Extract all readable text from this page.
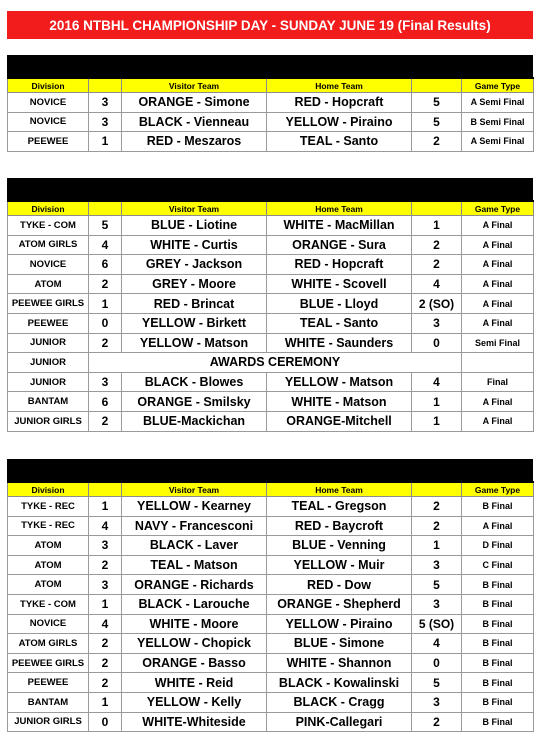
2016 NTBHL CHAMPIONSHIP DAY - SUNDAY JUNE 19 (Final Results)
Division		Visitor Team	Home Team		Game Type
NOVICE	3	ORANGE - Simone	RED - Hopcraft	5	A Semi Final
NOVICE	3	BLACK - Vienneau	YELLOW - Piraino	5	B Semi Final
PEEWEE	1	RED - Meszaros	TEAL - Santo	2	A Semi Final
Division		Visitor Team	Home Team		Game Type
TYKE - COM	5	BLUE - Liotine	WHITE - MacMillan	1	A Final
ATOM GIRLS	4	WHITE - Curtis	ORANGE - Sura	2	A Final
NOVICE	6	GREY - Jackson	RED - Hopcraft	2	A Final
ATOM	2	GREY - Moore	WHITE - Scovell	4	A Final
PEEWEE GIRLS	1	RED - Brincat	BLUE - Lloyd	2 (SO)	A Final
PEEWEE	0	YELLOW - Birkett	TEAL - Santo	3	A Final
JUNIOR	2	YELLOW - Matson	WHITE - Saunders	0	Semi Final
JUNIOR	AWARDS CEREMONY				
JUNIOR	3	BLACK - Blowes	YELLOW - Matson	4	Final
BANTAM	6	ORANGE - Smilsky	WHITE - Matson	1	A Final
JUNIOR GIRLS	2	BLUE-Mackichan	ORANGE-Mitchell	1	A Final
Division		Visitor Team	Home Team		Game Type
TYKE - REC	1	YELLOW - Kearney	TEAL - Gregson	2	B Final
TYKE - REC	4	NAVY - Francesconi	RED - Baycroft	2	A Final
ATOM	3	BLACK - Laver	BLUE - Venning	1	D Final
ATOM	2	TEAL - Matson	YELLOW - Muir	3	C Final
ATOM	3	ORANGE - Richards	RED - Dow	5	B Final
TYKE - COM	1	BLACK - Larouche	ORANGE - Shepherd	3	B Final
NOVICE	4	WHITE - Moore	YELLOW - Piraino	5 (SO)	B Final
ATOM GIRLS	2	YELLOW - Chopick	BLUE - Simone	4	B Final
PEEWEE GIRLS	2	ORANGE - Basso	WHITE - Shannon	0	B Final
PEEWEE	2	WHITE - Reid	BLACK - Kowalinski	5	B Final
BANTAM	1	YELLOW - Kelly	BLACK - Cragg	3	B Final
JUNIOR GIRLS	0	WHITE-Whiteside	PINK-Callegari	2	B Final
